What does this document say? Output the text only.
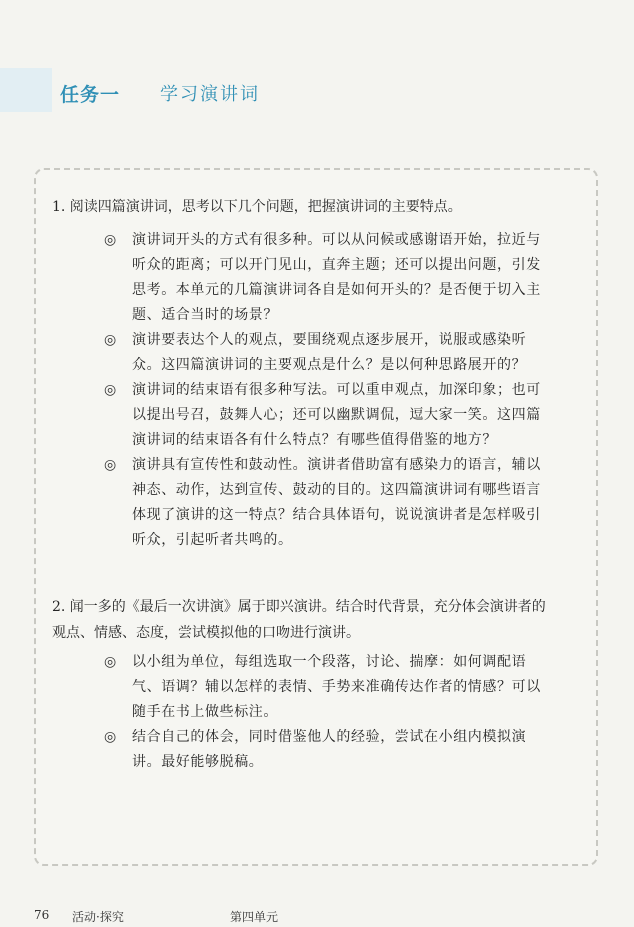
任务一 学习演讲词
1. 阅读四篇演讲词，思考以下几个问题，把握演讲词的主要特点。
◎ 演讲词开头的方式有很多种。可以从问候或感谢语开始，拉近与听众的距离；可以开门见山，直奔主题；还可以提出问题，引发思考。本单元的几篇演讲词各自是如何开头的？是否便于切入主题、适合当时的场景？
◎ 演讲要表达个人的观点，要围绕观点逐步展开，说服或感染听众。这四篇演讲词的主要观点是什么？是以何种思路展开的？
◎ 演讲词的结束语有很多种写法。可以重申观点，加深印象；也可以提出号召，鼓舞人心；还可以幽默调侃，逗大家一笑。这四篇演讲词的结束语各有什么特点？有哪些值得借鉴的地方？
◎ 演讲具有宣传性和鼓动性。演讲者借助富有感染力的语言，辅以神态、动作，达到宣传、鼓动的目的。这四篇演讲词有哪些语言体现了演讲的这一特点？结合具体语句，说说演讲者是怎样吸引听众，引起听者共鸣的。
2. 闻一多的《最后一次讲演》属于即兴演讲。结合时代背景，充分体会演讲者的观点、情感、态度，尝试模拟他的口吻进行演讲。
◎ 以小组为单位，每组选取一个段落，讨论、揣摩：如何调配语气、语调？辅以怎样的表情、手势来准确传达作者的情感？可以随手在书上做些标注。
◎ 结合自己的体会，同时借鉴他人的经验，尝试在小组内模拟演讲。最好能够脱稿。
76 活动·探究	第四单元
